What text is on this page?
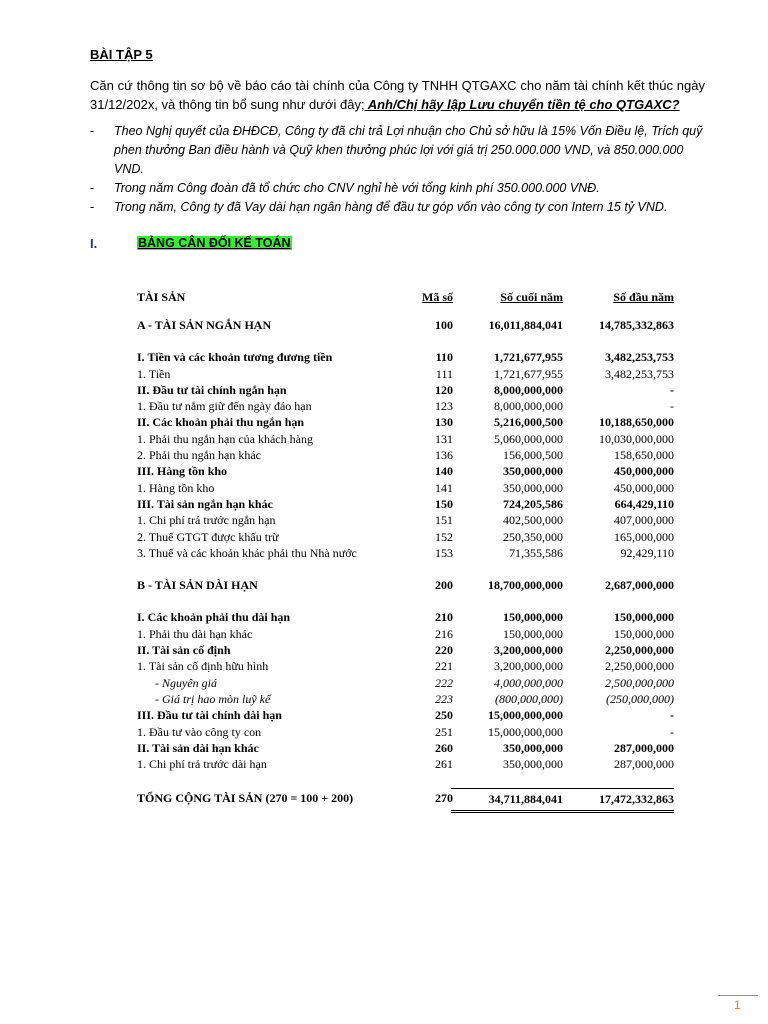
BÀI TẬP 5

Căn cứ thông tin sơ bộ về báo cáo tài chính của Công ty TNHH QTGAXC cho năm tài chính kết thúc ngày 31/12/202x, và thông tin bổ sung như dưới đây; Anh/Chị hãy lập Lưu chuyển tiền tệ cho QTGAXC?

- Theo Nghị quyết của ĐHĐCĐ, Công ty đã chi trả Lợi nhuận cho Chủ sở hữu là 15% Vốn Điều lệ, Trích quỹ phen thưởng Ban điều hành và Quỹ khen thưởng phúc lợi với giá trị 250.000.000 VND, và 850.000.000 VND.
- Trong năm Công đoàn đã tổ chức cho CNV nghỉ hè với tổng kinh phí 350.000.000 VNĐ.
- Trong năm, Công ty đã Vay dài hạn ngân hàng để đầu tư góp vốn vào công ty con Intern 15 tỷ VND.
I.	BẢNG CÂN ĐỐI KẾ TOÁN
TÀI SẢN	Mã số	Số cuối năm	Số đầu năm
A - TÀI SẢN NGẮN HẠN	100	16,011,884,041	14,785,332,863
I. Tiền và các khoản tương đương tiền	110	1,721,677,955	3,482,253,753
1. Tiền	111	1,721,677,955	3,482,253,753
II. Đầu tư tài chính ngắn hạn	120	8,000,000,000	-
1. Đầu tư nắm giữ đến ngày đáo hạn	123	8,000,000,000	-
II. Các khoản phải thu ngắn hạn	130	5,216,000,500	10,188,650,000
1. Phải thu ngắn hạn của khách hàng	131	5,060,000,000	10,030,000,000
2. Phải thu ngắn hạn khác	136	156,000,500	158,650,000
III. Hàng tồn kho	140	350,000,000	450,000,000
1. Hàng tồn kho	141	350,000,000	450,000,000
III. Tài sản ngắn hạn khác	150	724,205,586	664,429,110
1. Chi phí trả trước ngắn hạn	151	402,500,000	407,000,000
2. Thuế GTGT được khấu trừ	152	250,350,000	165,000,000
3. Thuế và các khoản khác phải thu Nhà nước	153	71,355,586	92,429,110
B - TÀI SẢN DÀI HẠN	200	18,700,000,000	2,687,000,000
I. Các khoản phải thu dài hạn	210	150,000,000	150,000,000
1. Phải thu dài hạn khác	216	150,000,000	150,000,000
II. Tài sản cố định	220	3,200,000,000	2,250,000,000
1. Tài sản cố định hữu hình	221	3,200,000,000	2,250,000,000
- Nguyên giá	222	4,000,000,000	2,500,000,000
- Giá trị hao mòn luỹ kế	223	(800,000,000)	(250,000,000)
III. Đầu tư tài chính dài hạn	250	15,000,000,000	-
1. Đầu tư vào công ty con	251	15,000,000,000	-
II. Tài sản dài hạn khác	260	350,000,000	287,000,000
1. Chi phí trả trước dài hạn	261	350,000,000	287,000,000
TỔNG CỘNG TÀI SẢN (270 = 100 + 200)	270	34,711,884,041	17,472,332,863
1
